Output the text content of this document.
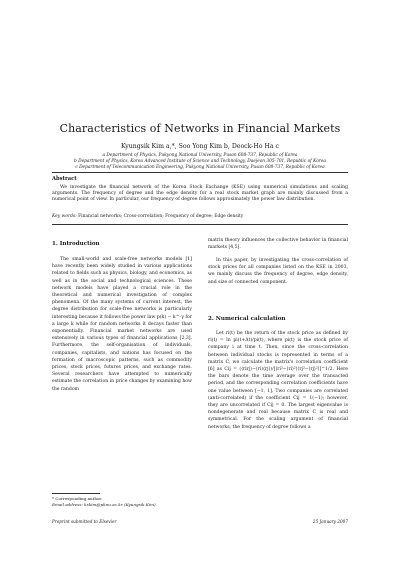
Characteristics of Networks in Financial Markets
Kyungsik Kim a,*, Soo Yong Kim b, Deock-Ho Ha c
a Department of Physics, Pukyong National University, Pusan 608-737, Republic of Korea
b Department of Physics, Korea Advanced Institute of Science and Technology, Daejeon 305-701, Republic of Korea
c Department of Telecommunication Engineering, Pukyong National University, Pusan 608-737, Republic of Korea
Abstract
We investigate the financial network of the Korea Stock Exchange (KSE) using numerical simulations and scaling arguments. The frequency of degree and the edge density for a real stock market graph are mainly discussed from a numerical point of view. In particular, our frequency of degree follows approximately the power law distribution.
Key words: Financial networks; Cross-correlation; Frequency of degree; Edge density
1. Introduction
The small-world and scale-free networks models [1] have recently been widely studied in various applications related to fields such as physics, biology, and economics, as well as in the social and technological sciences. These network models have played a crucial role in the theoretical and numerical investigation of complex phenomena. Of the many systems of current interest, the degree distribution for scale-free networks is particularly interesting because it follows the power law p(k) ∼ k^-γ for a large k while for random networks it decays faster than exponentially. Financial market networks are used extensively in various types of financial applications [2,3]. Furthermore, the self-organisation of individuals, companies, capitalists, and nations has focused on the formation of macroscopic patterns, such as commodity prices, stock prices, futures prices, and exchange rates. Several researchers have attempted to numerically estimate the correlation in price changes by examining how the random
matrix theory influences the collective behavior in financial markets [4,5].
In this paper, by investigating the cross-correlation of stock prices for all companies listed on the KSE in 2003, we mainly discuss the frequency of degree, edge density, and size of connected component.
2. Numerical calculation
Let ri(t) be the return of the stock price as defined by ri(t) = ln pi(t+Δt)/pi(t), where pi(t) is the stock price of company i at time t. Then, since the cross-correlation between individual stocks is represented in terms of a matrix C, we calculate the matrix's correlation coefficient [6] as Cij = (⟨rirj⟩−⟨ri⟩⟨rj⟩)/[⟨ri²−⟨ri⟩²⟩⟨rj²−⟨rj⟩²⟩]^1/2. Here the bars denote the time average over the transacted period, and the corresponding correlation coefficients have one value between [−1, 1]. Two companies are correlated (anti-correlated) if the coefficient Cij = 1(−1); however, they are uncorrelated if Cij = 0. The largest eigenvalue is nondegenerate and real because matrix C is real and symmetrical. For the scaling argument of financial networks, the frequency of degree follows a
* Corresponding author.
Email address: kskim@pknu.ac.kr (Kyungsik Kim).
Preprint submitted to Elsevier	25 January 2007
